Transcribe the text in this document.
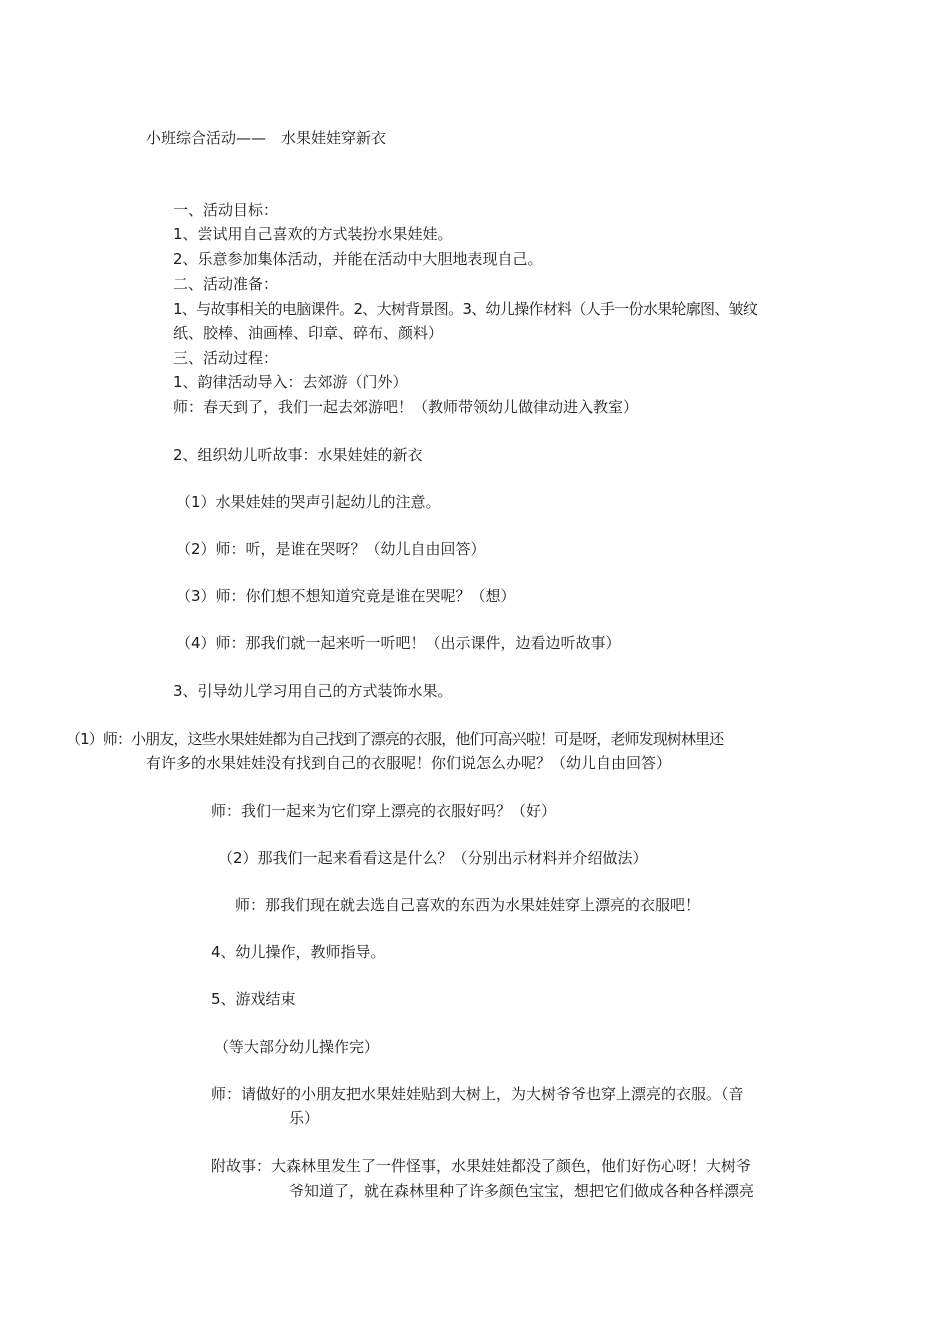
小班综合活动——　水果娃娃穿新衣
一、活动目标：
1、尝试用自己喜欢的方式装扮水果娃娃。
2、乐意参加集体活动，并能在活动中大胆地表现自己。
二、活动准备：
1、与故事相关的电脑课件。2、大树背景图。3、幼儿操作材料（人手一份水果轮廓图、皱纹
纸、胶棒、油画棒、印章、碎布、颜料）
三、活动过程：
1、韵律活动导入：去郊游（门外）
师：春天到了，我们一起去郊游吧！（教师带领幼儿做律动进入教室）
2、组织幼儿听故事：水果娃娃的新衣
（1）水果娃娃的哭声引起幼儿的注意。
（2）师：听，是谁在哭呀？（幼儿自由回答）
（3）师：你们想不想知道究竟是谁在哭呢？（想）
（4）师：那我们就一起来听一听吧！（出示课件，边看边听故事）
3、引导幼儿学习用自己的方式装饰水果。
（1）师：小朋友，这些水果娃娃都为自己找到了漂亮的衣服，他们可高兴啦！可是呀，老师发现树林里还
有许多的水果娃娃没有找到自己的衣服呢！你们说怎么办呢？（幼儿自由回答）
师：我们一起来为它们穿上漂亮的衣服好吗？（好）
（2）那我们一起来看看这是什么？（分别出示材料并介绍做法）
师：那我们现在就去选自己喜欢的东西为水果娃娃穿上漂亮的衣服吧！
4、幼儿操作，教师指导。
5、游戏结束
（等大部分幼儿操作完）
师：请做好的小朋友把水果娃娃贴到大树上，为大树爷爷也穿上漂亮的衣服。（音
乐）
附故事：大森林里发生了一件怪事，水果娃娃都没了颜色，他们好伤心呀！大树爷
爷知道了，就在森林里种了许多颜色宝宝，想把它们做成各种各样漂亮
